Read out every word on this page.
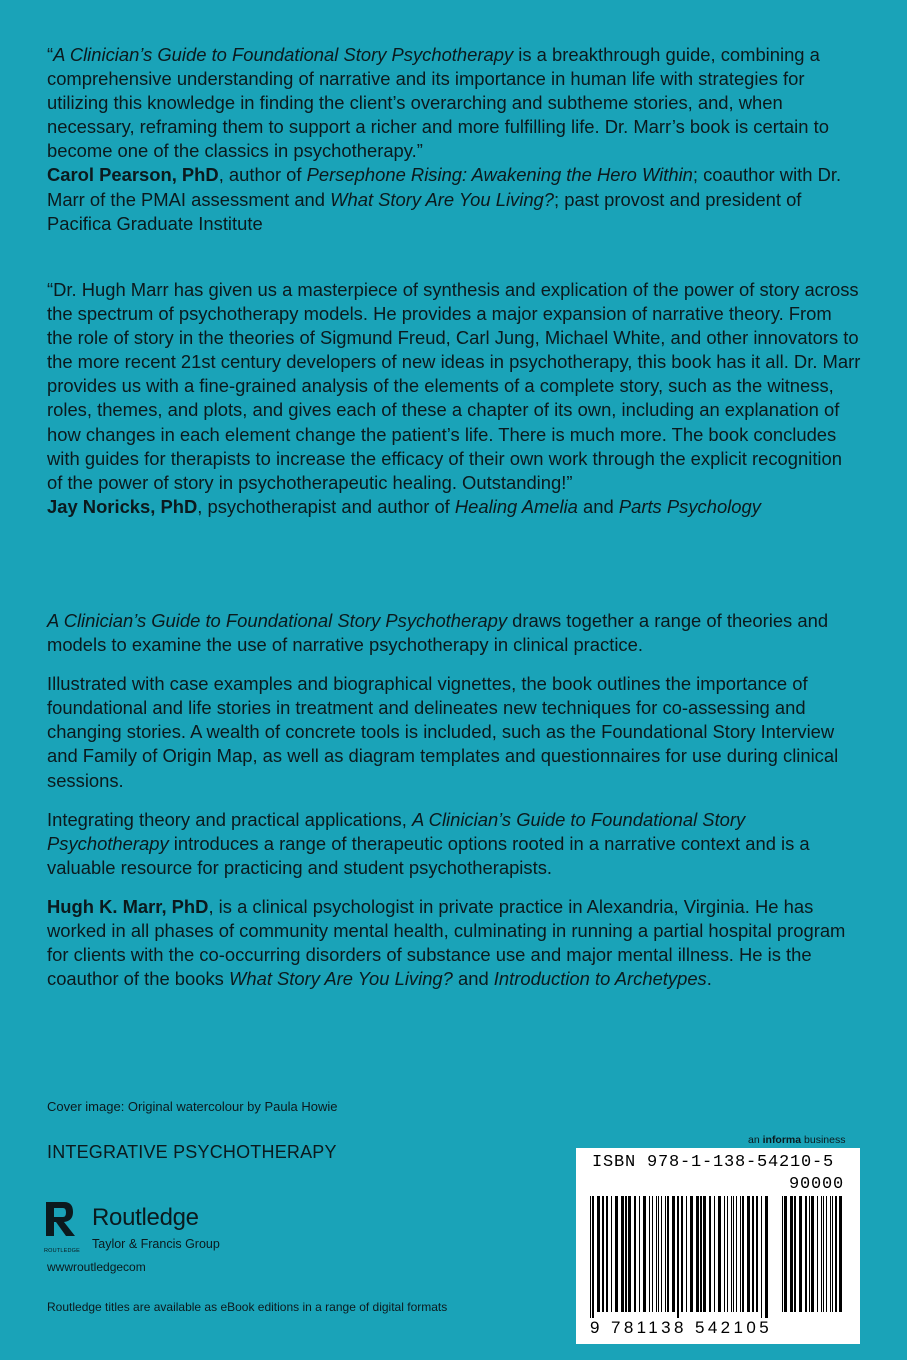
“A Clinician’s Guide to Foundational Story Psychotherapy is a breakthrough guide, combining a comprehensive understanding of narrative and its importance in human life with strategies for utilizing this knowledge in finding the client’s overarching and subtheme stories, and, when necessary, reframing them to support a richer and more fulfilling life. Dr. Marr’s book is certain to become one of the classics in psychotherapy.”
Carol Pearson, PhD, author of Persephone Rising: Awakening the Hero Within; coauthor with Dr. Marr of the PMAI assessment and What Story Are You Living?; past provost and president of Pacifica Graduate Institute

“Dr. Hugh Marr has given us a masterpiece of synthesis and explication of the power of story across the spectrum of psychotherapy models. He provides a major expansion of narrative theory. From the role of story in the theories of Sigmund Freud, Carl Jung, Michael White, and other innovators to the more recent 21st century developers of new ideas in psychotherapy, this book has it all. Dr. Marr provides us with a fine-grained analysis of the elements of a complete story, such as the witness, roles, themes, and plots, and gives each of these a chapter of its own, including an explanation of how changes in each element change the patient’s life. There is much more. The book concludes with guides for therapists to increase the efficacy of their own work through the explicit recognition of the power of story in psychotherapeutic healing. Outstanding!”
Jay Noricks, PhD, psychotherapist and author of Healing Amelia and Parts Psychology

A Clinician’s Guide to Foundational Story Psychotherapy draws together a range of theories and models to examine the use of narrative psychotherapy in clinical practice.

Illustrated with case examples and biographical vignettes, the book outlines the importance of foundational and life stories in treatment and delineates new techniques for co-assessing and changing stories. A wealth of concrete tools is included, such as the Foundational Story Interview and Family of Origin Map, as well as diagram templates and questionnaires for use during clinical sessions.

Integrating theory and practical applications, A Clinician’s Guide to Foundational Story Psychotherapy introduces a range of therapeutic options rooted in a narrative context and is a valuable resource for practicing and student psychotherapists.

Hugh K. Marr, PhD, is a clinical psychologist in private practice in Alexandria, Virginia. He has worked in all phases of community mental health, culminating in running a partial hospital program for clients with the co-occurring disorders of substance use and major mental illness. He is the coauthor of the books What Story Are You Living? and Introduction to Archetypes.

Cover image: Original watercolour by Paula Howie
INTEGRATIVE PSYCHOTHERAPY
ROUTLEDGE
Routledge
Taylor & Francis Group
wwwroutledgecom
Routledge titles are available as eBook editions in a range of digital formats
an informa business
ISBN 978-1-138-54210-5
90000
9 781138 542105
